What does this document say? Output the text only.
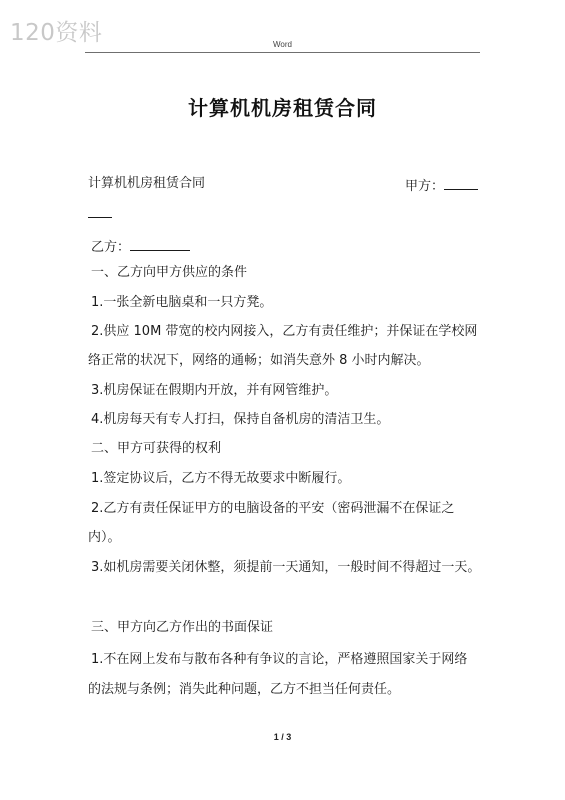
120资料	Word
计算机机房租赁合同
计算机机房租赁合同	甲方：
乙方：
一、乙方向甲方供应的条件
1.一张全新电脑桌和一只方凳。
2.供应 10M 带宽的校内网接入，乙方有责任维护；并保证在学校网
络正常的状况下，网络的通畅；如消失意外 8 小时内解决。
3.机房保证在假期内开放，并有网管维护。
4.机房每天有专人打扫，保持自备机房的清洁卫生。
二、甲方可获得的权利
1.签定协议后，乙方不得无故要求中断履行。
2.乙方有责任保证甲方的电脑设备的平安（密码泄漏不在保证之
内）。
3.如机房需要关闭休整，须提前一天通知，一般时间不得超过一天。
三、甲方向乙方作出的书面保证
1.不在网上发布与散布各种有争议的言论，严格遵照国家关于网络
的法规与条例；消失此种问题，乙方不担当任何责任。
1 / 3
